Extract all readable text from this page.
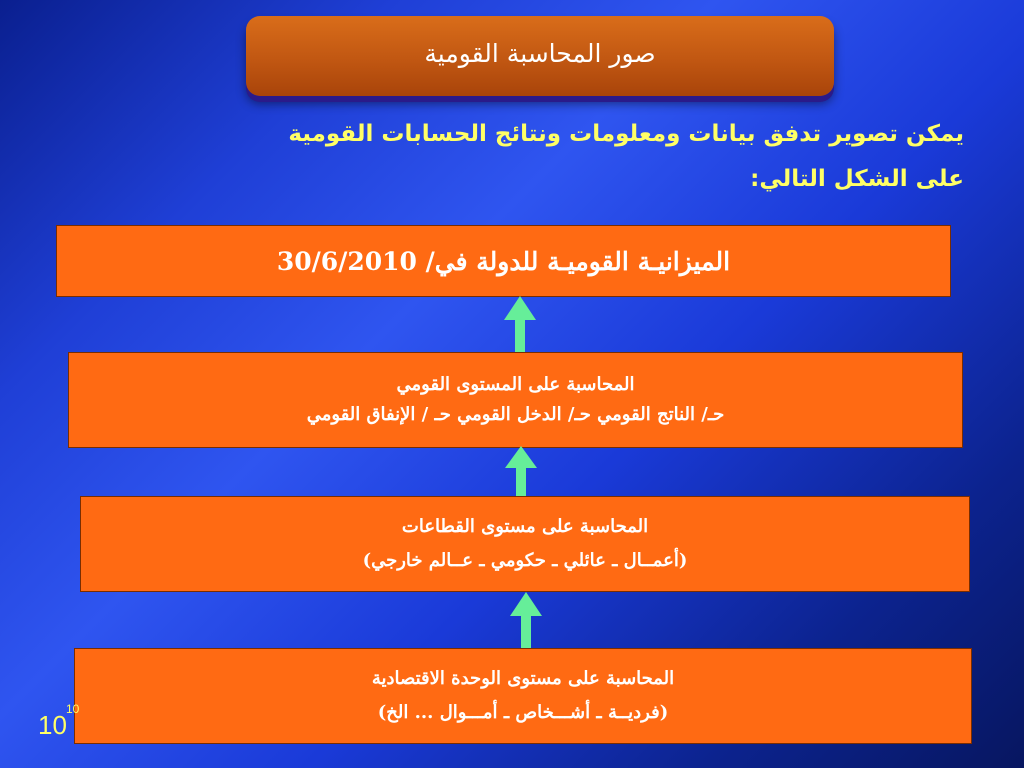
صور المحاسبة القومية
يمكن تصوير تدفق بيانات ومعلومات ونتائج الحسابات القومية
على الشكل التالي:
الميزانيـة القوميـة للدولة في/ 30/6/2010
المحاسبة على المستوى القومي
حـ/ الناتج القومي حـ/ الدخل القومي حـ / الإنفاق القومي
المحاسبة على مستوى القطاعات
(أعمــال ـ عائلي ـ حكومي ـ عــالم خارجي)
المحاسبة على مستوى الوحدة الاقتصادية
(فرديــة ـ أشـــخاص ـ أمـــوال ... الخ)
10
10
